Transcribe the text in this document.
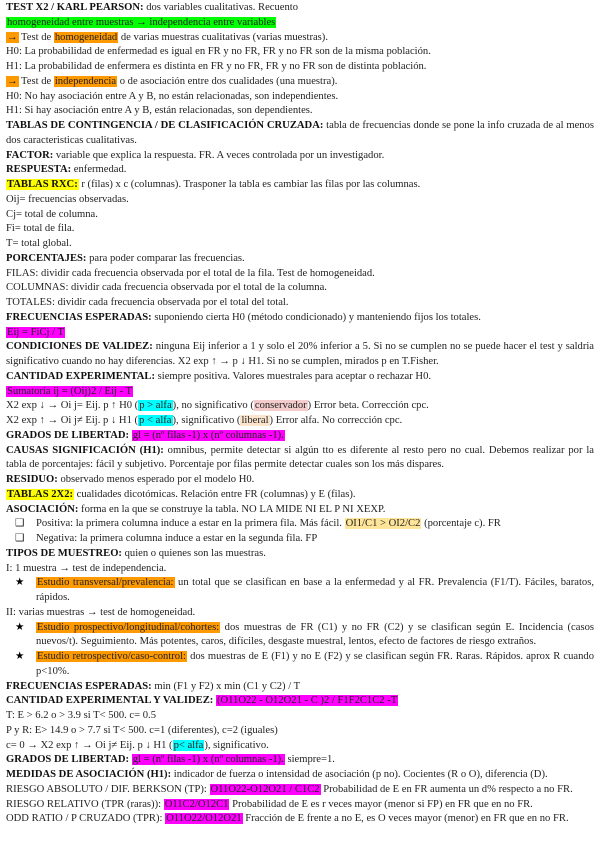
TEST X2 / KARL PEARSON: dos variables cualitativas. Recuento

homogeneidad entre muestras → independencia entre variables

→ Test de homogeneidad de varias muestras cualitativas (varias muestras).

H0: La probabilidad de enfermedad es igual en FR y no FR, FR y no FR son de la misma población.

H1: La probabilidad de enfermera es distinta en FR y no FR, FR y no FR son de distinta población.

→ Test de independencia o de asociación entre dos cualidades (una muestra).

H0: No hay asociación entre A y B, no están relacionadas, son independientes.

H1: Si hay asociación entre A y B, están relacionadas, son dependientes.

TABLAS DE CONTINGENCIA / DE CLASIFICACIÓN CRUZADA: tabla de frecuencias donde se pone la info cruzada de al menos dos caracteristicas cualitativas.

FACTOR: variable que explica la respuesta. FR. A veces controlada por un investigador.

RESPUESTA: enfermedad.

TABLAS RXC: r (filas) x c (columnas). Trasponer la tabla es cambiar las filas por las columnas.

Oij= frecuencias observadas.

Cj= total de columna.

Fi= total de fila.

T= total global.

PORCENTAJES: para poder comparar las frecuencias.

FILAS: dividir cada frecuencia observada por el total de la fila. Test de homogeneidad.

COLUMNAS: dividir cada frecuencia observada por el total de la columna.

TOTALES: dividir cada frecuencia observada por el total del total.

FRECUENCIAS ESPERADAS: suponiendo cierta H0 (método condicionado) y manteniendo fijos los totales.

Eij = FiCj / T

CONDICIONES DE VALIDEZ: ninguna Eij inferior a 1 y solo el 20% inferior a 5. Si no se cumplen no se puede hacer el test y saldria significativo cuando no hay diferencias. X2 exp ↑ → p ↓ H1. Si no se cumplen, mirados p en T.Fisher.

CANTIDAD EXPERIMENTAL: siempre positiva. Valores muestrales para aceptar o rechazar H0.

Sumatoria ij = (Oij)2 / Eij - T

X2 exp ↓ → Oi j= Eij. p ↑ H0 (p > alfa), no significativo (conservador) Error beta. Corrección cpc.

X2 exp ↑ → Oi j≠ Eij. p ↓ H1 (p < alfa), significativo (liberal) Error alfa. No corrección cpc.

GRADOS DE LIBERTAD: gl = (nº filas -1) x (nº columnas -1).

CAUSAS SIGNIFICACIÓN (H1): omnibus, permite detectar si algún tto es diferente al resto pero no cual. Debemos realizar por la tabla de porcentajes: fácil y subjetivo. Porcentaje por filas permite detectar cuales son los más dispares.

RESIDUO: observado menos esperado por el modelo H0.

TABLAS 2X2: cualidades dicotómicas. Relación entre FR (columnas) y E (filas).

ASOCIACIÓN: forma en la que se construye la tabla. NO LA MIDE NI EL P NI XEXP.

❑ Positiva: la primera columna induce a estar en la primera fila. Más fácil. OI1/C1 > OI2/C2 (porcentaje c). FR

❑ Negativa: la primera columna induce a estar en la segunda fila. FP

TIPOS DE MUESTREO: quien o quienes son las muestras.

I: 1 muestra → test de independencia.

★ Estudio transversal/prevalencia: un total que se clasifican en base a la enfermedad y al FR. Prevalencia (F1/T). Fáciles, baratos, rápidos.

II: varias muestras → test de homogeneidad.

★ Estudio prospectivo/longitudinal/cohortes: dos muestras de FR (C1) y no FR (C2) y se clasifican según E. Incidencia (casos nuevos/t). Seguimiento. Más potentes, caros, difíciles, desgaste muestral, lentos, efecto de factores de riesgo extraños.

★ Estudio retrospectivo/caso-control: dos muestras de E (F1) y no E (F2) y se clasifican según FR. Raras. Rápidos. aprox R cuando p<10%.

FRECUENCIAS ESPERADAS: min (F1 y F2) x min (C1 y C2) / T

CANTIDAD EXPERIMENTAL Y VALIDEZ: (O11O22 - O12O21 - C )2 / F1F2C1C2 -T

T: E > 6.2 o > 3.9 si T< 500. c= 0.5

P y R: E> 14.9 o > 7.7 si T< 500. c=1 (diferentes), c=2 (iguales)

c= 0 → X2 exp ↑ → Oi j≠ Eij. p ↓ H1 (p< alfa), significativo.

GRADOS DE LIBERTAD: gl = (nº filas -1) x (nº columnas -1). siempre=1.

MEDIDAS DE ASOCIACIÓN (H1): indicador de fuerza o intensidad de asociación (p no). Cocientes (R o O), diferencia (D).

RIESGO ABSOLUTO / DIF. BERKSON (TP): O11O22-O12O21 / C1C2 Probabilidad de E en FR aumenta un d% respecto a no FR.

RIESGO RELATIVO (TPR (raras)): O11C2/O12C1 Probabilidad de E es r veces mayor (menor si FP) en FR que en no FR.

ODD RATIO / P CRUZADO (TPR): O11O22/O12O21 Fracción de E frente a no E, es O veces mayor (menor) en FR que en no FR.
